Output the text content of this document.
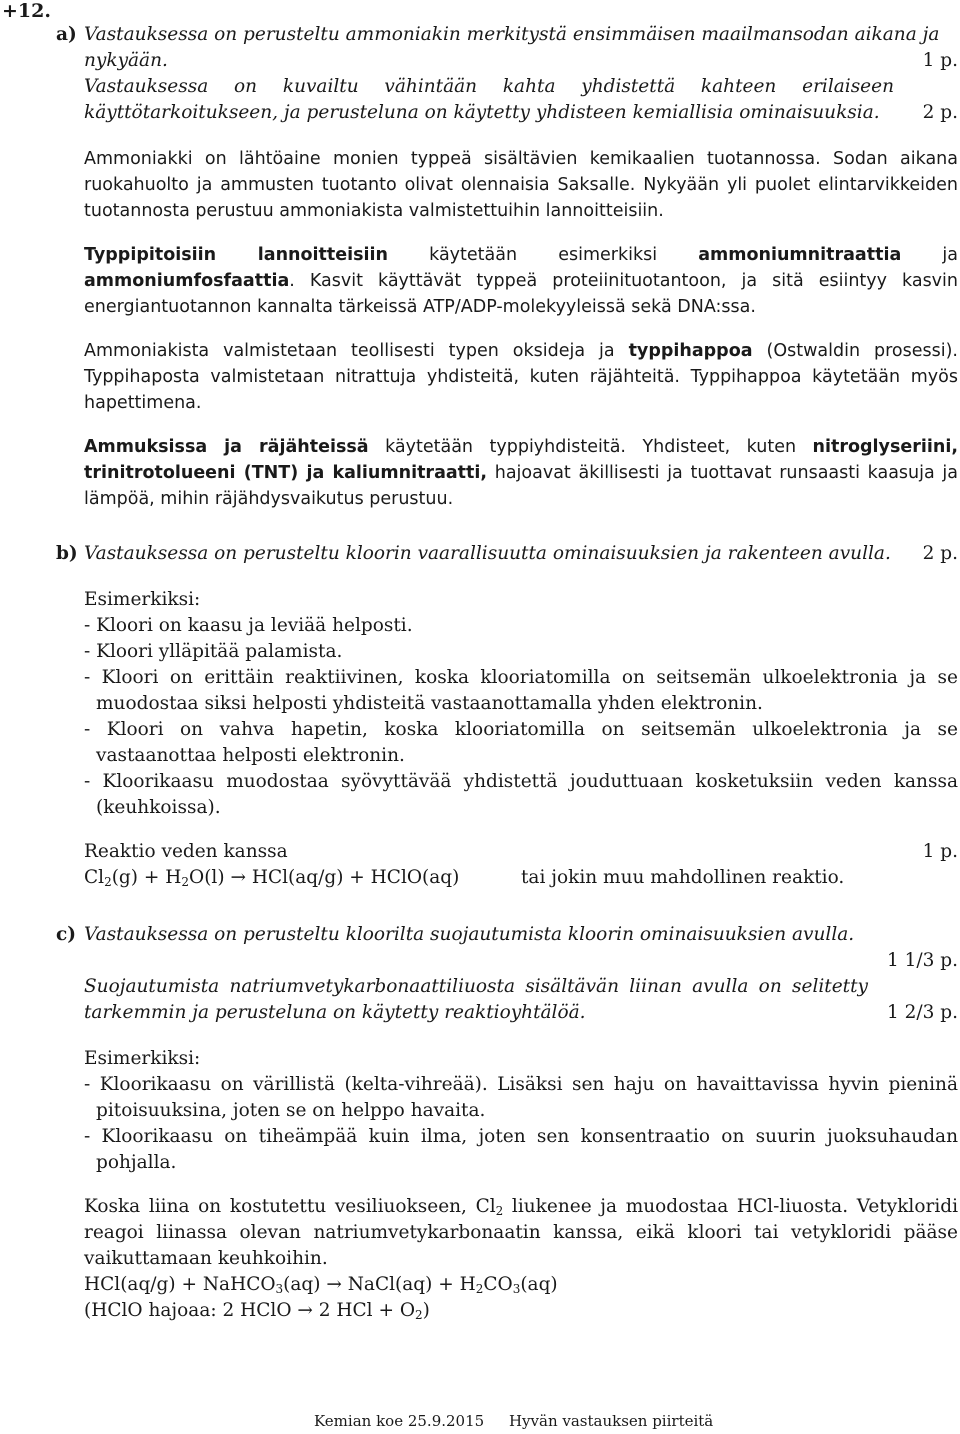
+12.
a) Vastauksessa on perusteltu ammoniakin merkitystä ensimmäisen maailmansodan aikana ja nykyään.	1 p.
Vastauksessa on kuvailtu vähintään kahta yhdistettä kahteen erilaiseen käyttötarkoitukseen, ja perusteluna on käytetty yhdisteen kemiallisia ominaisuuksia. 2 p.
Ammoniakki on lähtöaine monien typpeä sisältävien kemikaalien tuotannossa. Sodan aikana ruokahuolto ja ammusten tuotanto olivat olennaisia Saksalle. Nykyään yli puolet elintarvikkeiden tuotannosta perustuu ammoniakista valmistettuihin lannoitteisiin.
Typpipitoisiin lannoitteisiin käytetään esimerkiksi ammoniumnitraattia ja ammoniumfosfaattia. Kasvit käyttävät typpeä proteiinituotantoon, ja sitä esiintyy kasvin energiantuotannon kannalta tärkeissä ATP/ADP-molekyyleissä sekä DNA:ssa.
Ammoniakista valmistetaan teollisesti typen oksideja ja typpihappoa (Ostwaldin prosessi). Typpihaposta valmistetaan nitrattuja yhdisteitä, kuten räjähteitä. Typpihappoa käytetään myös hapettimena.
Ammuksissa ja räjähteissä käytetään typpiyhdisteitä. Yhdisteet, kuten nitroglyseriini, trinitrotolueeni (TNT) ja kaliumnitraatti, hajoavat äkillisesti ja tuottavat runsaasti kaasuja ja lämpöä, mihin räjähdysvaikutus perustuu.
b) Vastauksessa on perusteltu kloorin vaarallisuutta ominaisuuksien ja rakenteen avulla. 2 p.
Esimerkiksi:
- Kloori on kaasu ja leviää helposti.
- Kloori ylläpitää palamista.
- Kloori on erittäin reaktiivinen, koska klooriatomilla on seitsemän ulkoelektronia ja se muodostaa siksi helposti yhdisteitä vastaanottamalla yhden elektronin.
- Kloori on vahva hapetin, koska klooriatomilla on seitsemän ulkoelektronia ja se vastaanottaa helposti elektronin.
- Kloorikaasu muodostaa syövyttävää yhdistettä jouduttuaan kosketuksiin veden kanssa (keuhkoissa).
Reaktio veden kanssa	1 p.
$Cl_2(g) + H_2O(l) \to HCl(aq/g)$ + HClO(aq)	tai jokin muu mahdollinen reaktio.
c) Vastauksessa on perusteltu kloorilta suojautumista kloorin ominaisuuksien avulla.
1 1/3 p.
Suojautumista natriumvetykarbonaattiliuosta sisältävän liinan avulla on selitetty tarkemmin ja perusteluna on käytetty reaktioyhtälöä.	1 2/3 p.
Esimerkiksi:
- Kloorikaasu on värillistä (kelta-vihreää). Lisäksi sen haju on havaittavissa hyvin pieninä pitoisuuksina, joten se on helppo havaita.
- Kloorikaasu on tiheämpää kuin ilma, joten sen konsentraatio on suurin juoksuhaudan pohjalla.
Koska liina on kostutettu vesiliuokseen, $Cl_2$ liukenee ja muodostaa HCl-liuosta. Vetykloridi reagoi liinassa olevan natriumvetykarbonaatin kanssa, eikä kloori tai vetykloridi pääse vaikuttamaan keuhkoihin.
HCl(aq/g) + NaHCO$_3$(aq) → NaCl(aq) + $H_2CO_3(aq)$
(HClO hajoaa: 2 HClO → 2 HCl + $O_2$)
Kemian koe 25.9.2015 Hyvän vastauksen piirteitä
